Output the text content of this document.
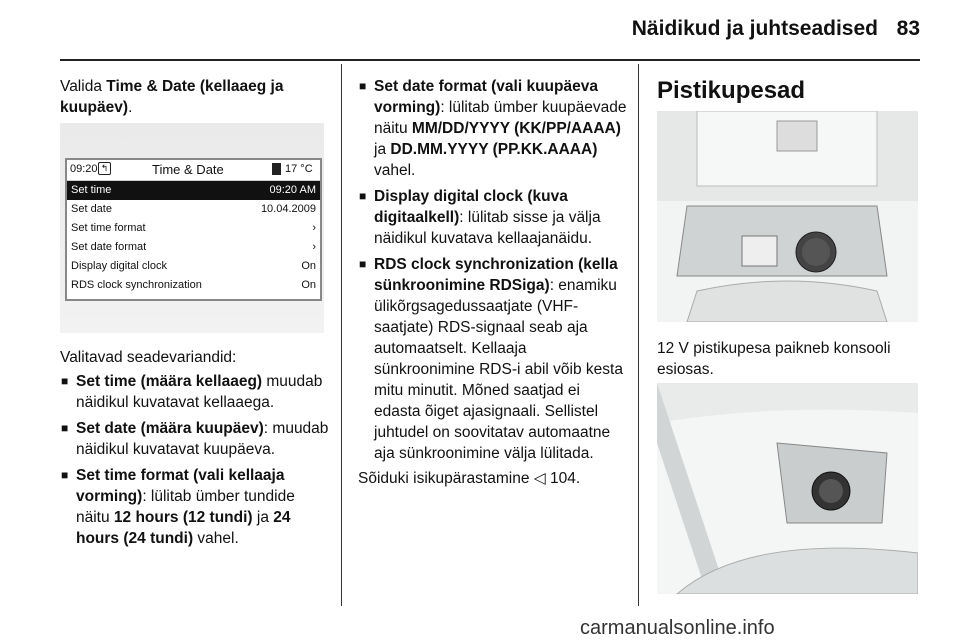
Näidikud ja juhtseadised 83

Valida Time & Date (kellaaeg ja kuupäev).

09:20 ↰	Time & Date	17 °C
Set time	09:20 AM
Set date	10.04.2009
Set time format	›
Set date format	›
Display digital clock	On
RDS clock synchronization	On

Valitavad seadevariandid:

■ Set time (määra kellaaeg) muudab näidikul kuvatavat kellaaega.
■ Set date (määra kuupäev): muudab näidikul kuvatavat kuupäeva.
■ Set time format (vali kellaaja vorming): lülitab ümber tundide näitu 12 hours (12 tundi) ja 24 hours (24 tundi) vahel.
■ Set date format (vali kuupäeva vorming): lülitab ümber kuupäevade näitu MM/DD/YYYY (KK/PP/AAAA) ja DD.MM.YYYY (PP.KK.AAAA) vahel.
■ Display digital clock (kuva digitaalkell): lülitab sisse ja välja näidikul kuvatava kellaajanäidu.
■ RDS clock synchronization (kella sünkroonimine RDSiga): enamiku ülikõrgsagedussaatjate (VHF-saatjate) RDS-signaal seab aja automaatselt. Kellaaja sünkroonimine RDS-i abil võib kesta mitu minutit. Mõned saatjad ei edasta õiget ajasignaali. Sellistel juhtudel on soovitatav automaatne aja sünkroonimine välja lülitada.

Sõiduki isikupärastamine ◁ 104.

Pistikupesad
12 V pistikupesa paikneb konsooli esiosas.
carmanualsonline.info
